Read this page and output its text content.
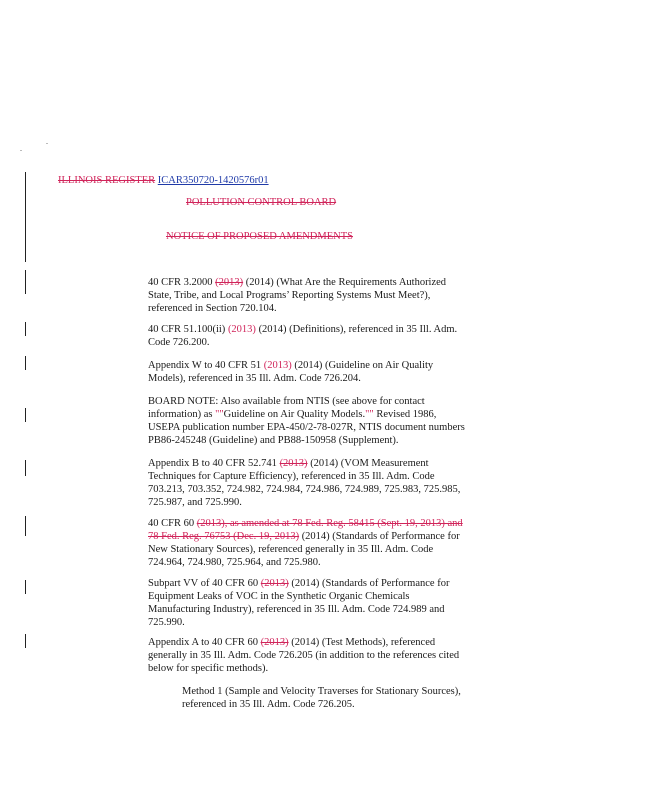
ILLINOIS REGISTER ICAR350720-1420576r01
POLLUTION CONTROL BOARD
NOTICE OF PROPOSED AMENDMENTS
40 CFR 3.2000 (2013) (2014) (What Are the Requirements Authorized State, Tribe, and Local Programs’ Reporting Systems Must Meet?), referenced in Section 720.104.
40 CFR 51.100(ii) (2013) (2014) (Definitions), referenced in 35 Ill. Adm. Code 726.200.
Appendix W to 40 CFR 51 (2013) (2014) (Guideline on Air Quality Models), referenced in 35 Ill. Adm. Code 726.204.
BOARD NOTE: Also available from NTIS (see above for contact information) as ""Guideline on Air Quality Models."" Revised 1986, USEPA publication number EPA-450/2-78-027R, NTIS document numbers PB86-245248 (Guideline) and PB88-150958 (Supplement).
Appendix B to 40 CFR 52.741 (2013) (2014) (VOM Measurement Techniques for Capture Efficiency), referenced in 35 Ill. Adm. Code 703.213, 703.352, 724.982, 724.984, 724.986, 724.989, 725.983, 725.985, 725.987, and 725.990.
40 CFR 60 (2013), as amended at 78 Fed. Reg. 58415 (Sept. 19, 2013) and 78 Fed. Reg. 76753 (Dec. 19, 2013) (2014) (Standards of Performance for New Stationary Sources), referenced generally in 35 Ill. Adm. Code 724.964, 724.980, 725.964, and 725.980.
Subpart VV of 40 CFR 60 (2013) (2014) (Standards of Performance for Equipment Leaks of VOC in the Synthetic Organic Chemicals Manufacturing Industry), referenced in 35 Ill. Adm. Code 724.989 and 725.990.
Appendix A to 40 CFR 60 (2013) (2014) (Test Methods), referenced generally in 35 Ill. Adm. Code 726.205 (in addition to the references cited below for specific methods).
Method 1 (Sample and Velocity Traverses for Stationary Sources), referenced in 35 Ill. Adm. Code 726.205.
